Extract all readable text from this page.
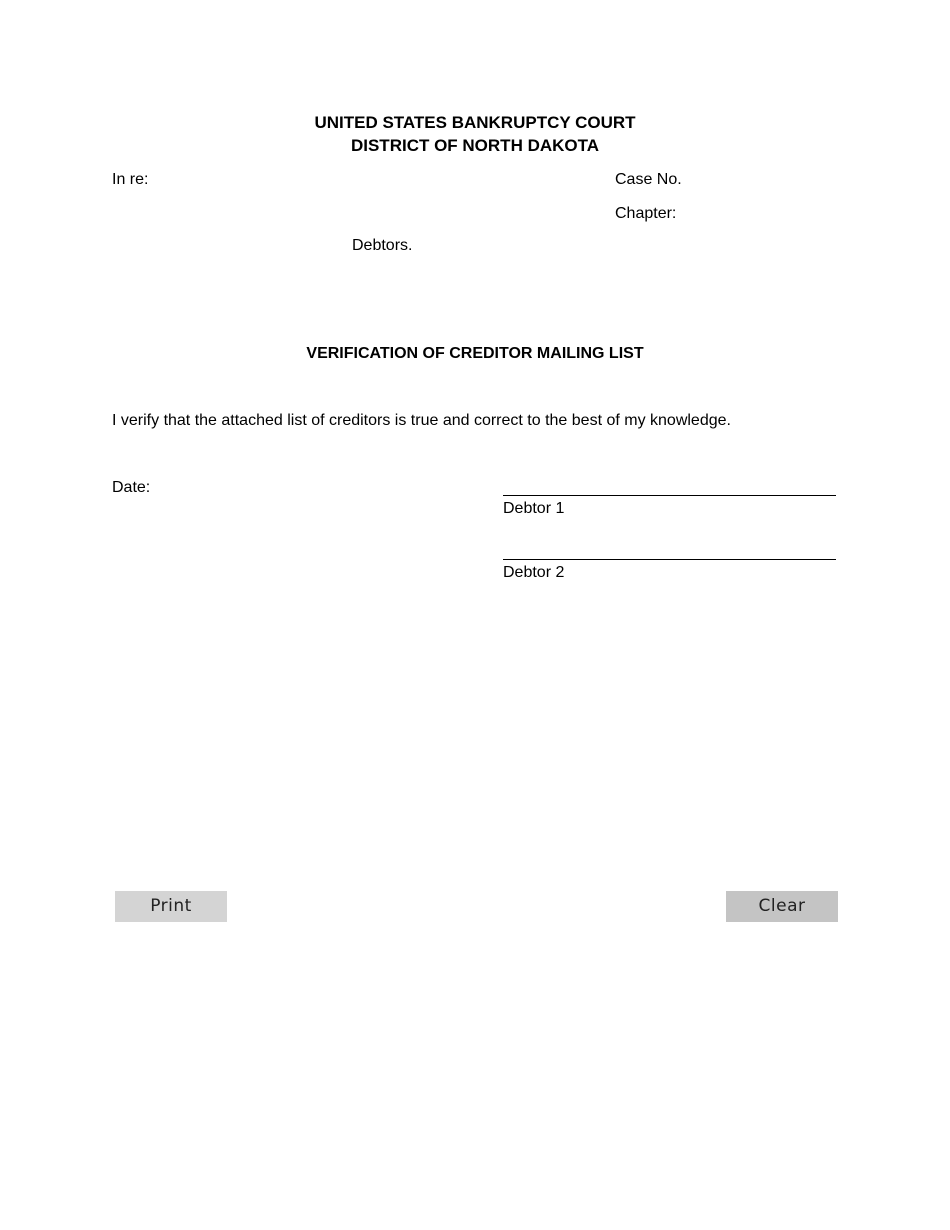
UNITED STATES BANKRUPTCY COURT
DISTRICT OF NORTH DAKOTA
In re:	Case No.
Chapter:
Debtors.
VERIFICATION OF CREDITOR MAILING LIST
I verify that the attached list of creditors is true and correct to the best of my knowledge.
Date:
Debtor 1
Debtor 2
Print	Clear
